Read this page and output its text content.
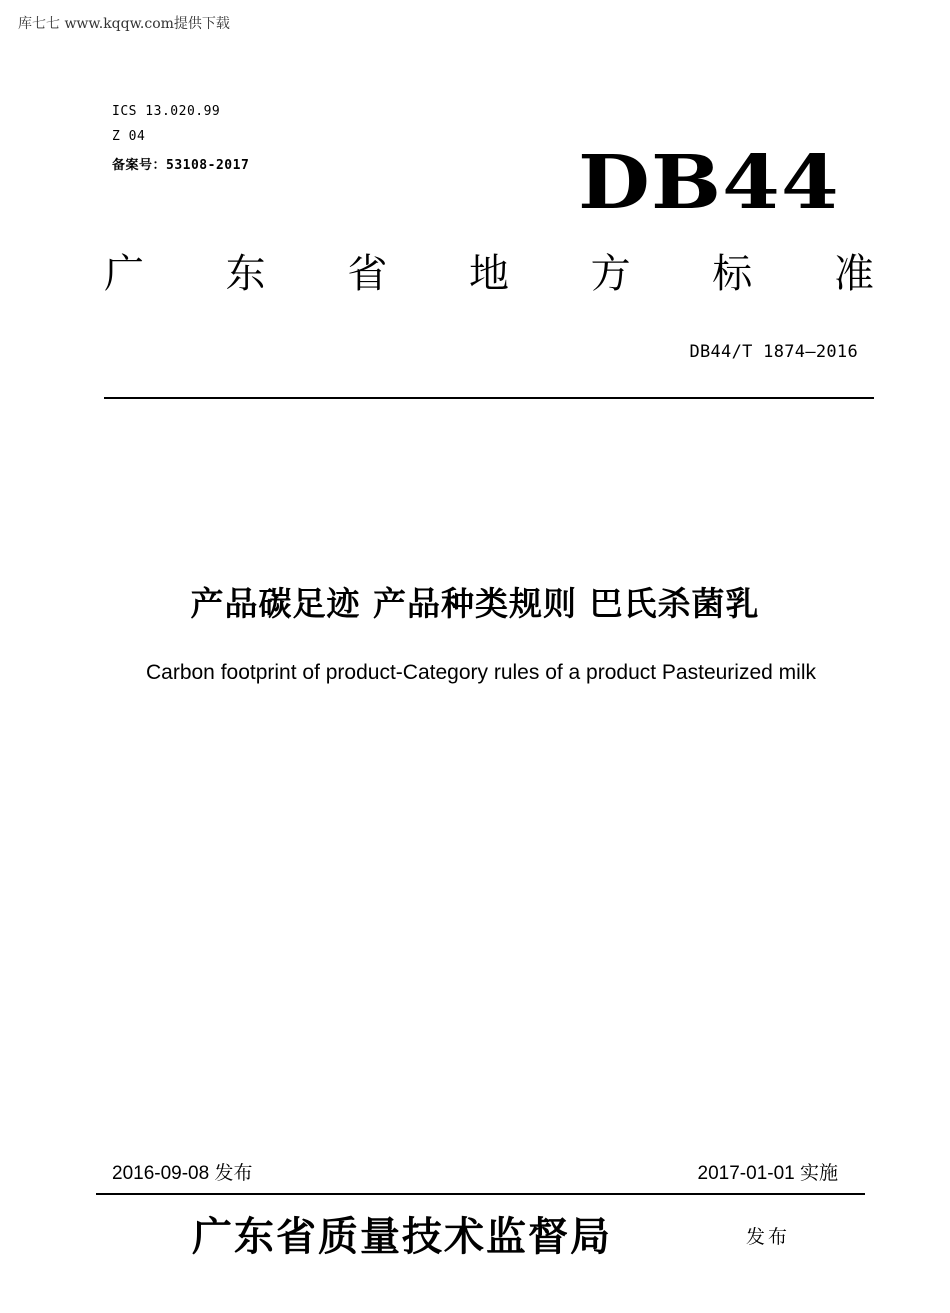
库七七 www.kqqw.com提供下载
ICS 13.020.99
Z 04
备案号：53108-2017	DB44
广 东 省 地 方 标 准
DB44/T 1874—2016
产品碳足迹 产品种类规则 巴氏杀菌乳
Carbon footprint of product-Category rules of a product Pasteurized milk
2016-09-08 发布	2017-01-01 实施
广东省质量技术监督局	发布
